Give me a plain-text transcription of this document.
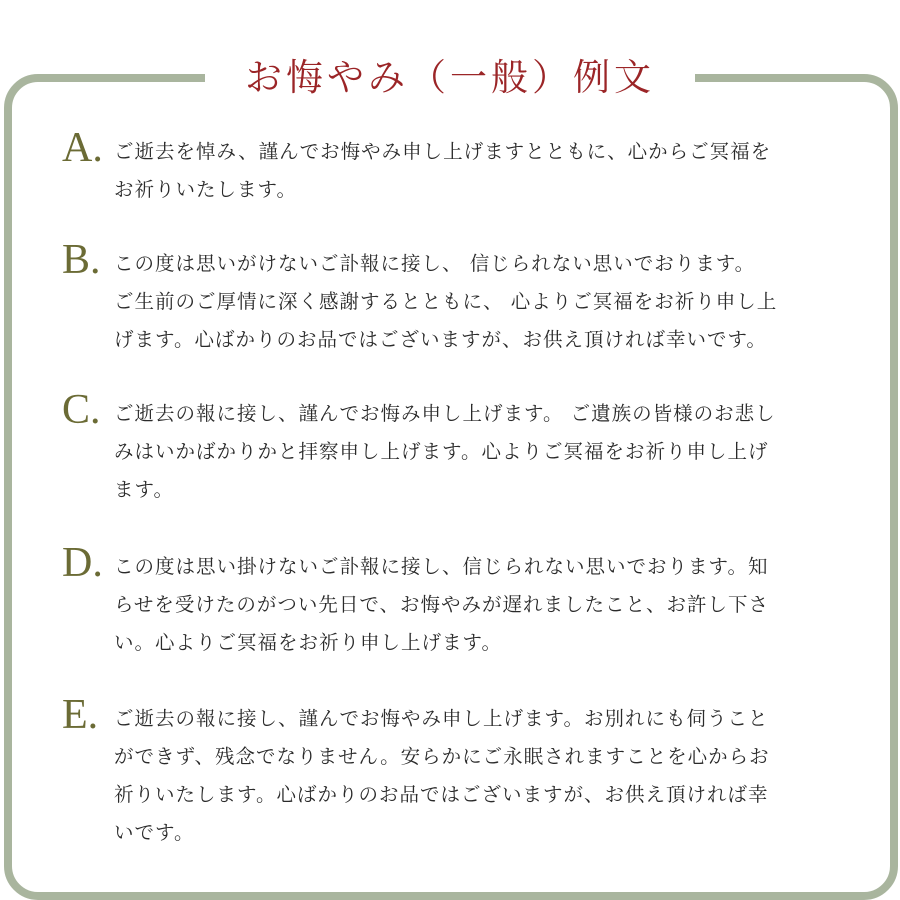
お悔やみ（一般）例文
A. ご逝去を悼み、謹んでお悔やみ申し上げますとともに、心からご冥福を
お祈りいたします。
B. この度は思いがけないご訃報に接し、 信じられない思いでおります。
ご生前のご厚情に深く感謝するとともに、 心よりご冥福をお祈り申し上
げます。心ばかりのお品ではございますが、お供え頂ければ幸いです。
C. ご逝去の報に接し、謹んでお悔み申し上げます。 ご遺族の皆様のお悲し
みはいかばかりかと拝察申し上げます。心よりご冥福をお祈り申し上げ
ます。
D. この度は思い掛けないご訃報に接し、信じられない思いでおります。知
らせを受けたのがつい先日で、お悔やみが遅れましたこと、お許し下さ
い。心よりご冥福をお祈り申し上げます。
E. ご逝去の報に接し、謹んでお悔やみ申し上げます。お別れにも伺うこと
ができず、残念でなりません。安らかにご永眠されますことを心からお
祈りいたします。心ばかりのお品ではございますが、お供え頂ければ幸
いです。
